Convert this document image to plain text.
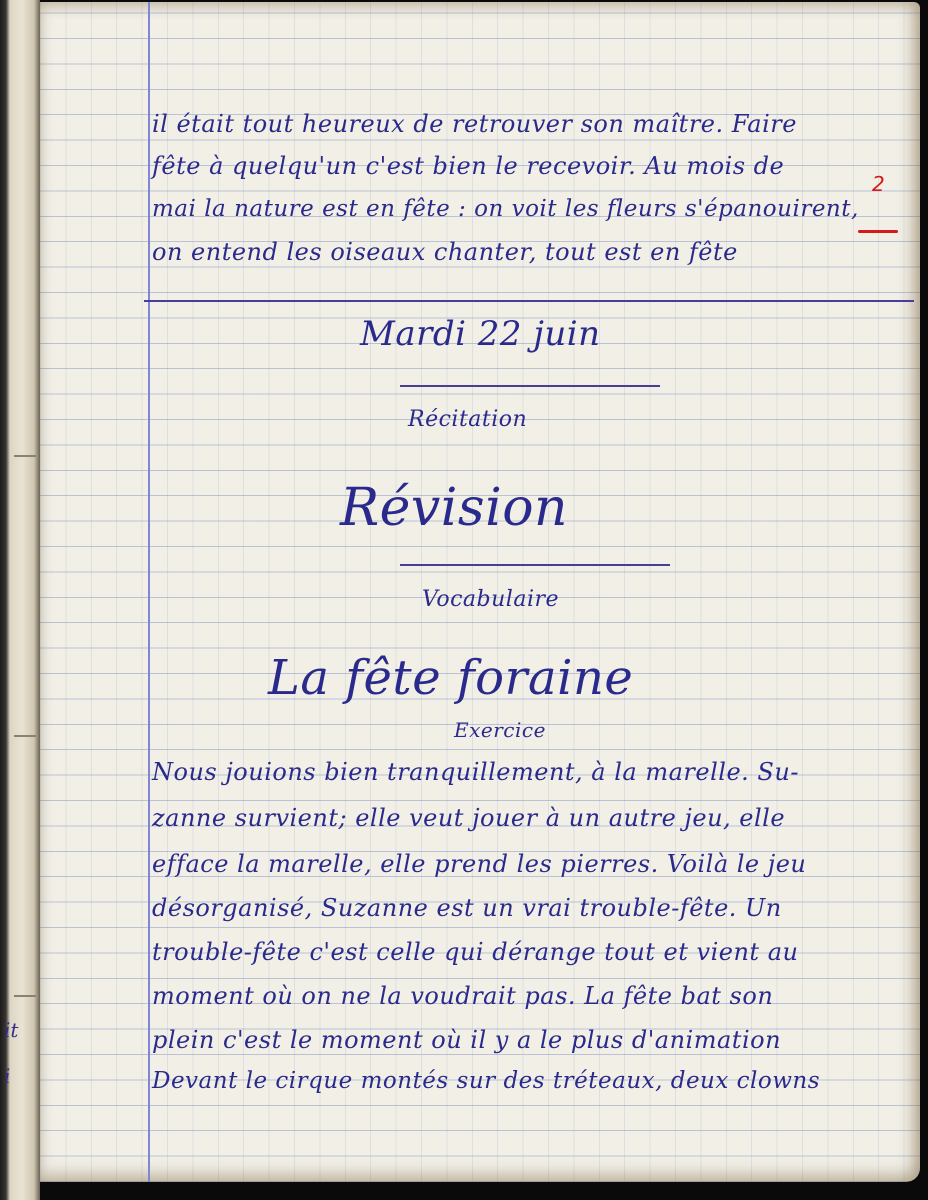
it
i
il était tout heureux de retrouver son maître. Faire
fête à quelqu'un c'est bien le recevoir. Au mois de
mai la nature est en fête : on voit les fleurs s'épanouirent,
on entend les oiseaux chanter, tout est en fête
2
Mardi 22 juin
Récitation
Révision
Vocabulaire
La fête foraine
Exercice
Nous jouions bien tranquillement, à la marelle. Su-
zanne survient; elle veut jouer à un autre jeu, elle
efface la marelle, elle prend les pierres. Voilà le jeu
désorganisé, Suzanne est un vrai trouble-fête. Un
trouble-fête c'est celle qui dérange tout et vient au
moment où on ne la voudrait pas. La fête bat son
plein c'est le moment où il y a le plus d'animation
Devant le cirque montés sur des tréteaux, deux clowns
